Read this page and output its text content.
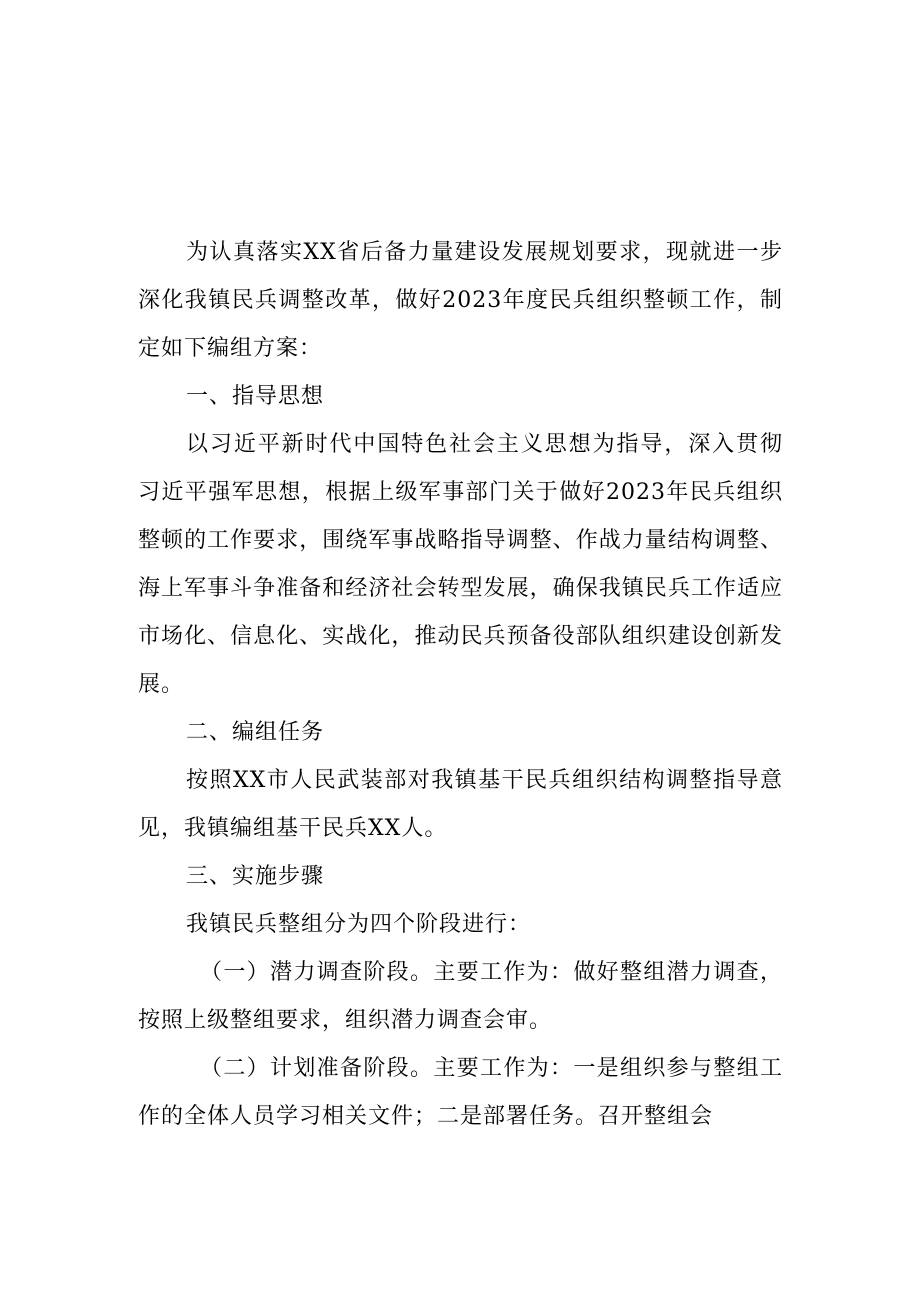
为认真落实XX省后备力量建设发展规划要求，现就进一步深化我镇民兵调整改革，做好2023年度民兵组织整顿工作，制定如下编组方案：

一、指导思想

以习近平新时代中国特色社会主义思想为指导，深入贯彻习近平强军思想，根据上级军事部门关于做好2023年民兵组织整顿的工作要求，围绕军事战略指导调整、作战力量结构调整、海上军事斗争准备和经济社会转型发展，确保我镇民兵工作适应市场化、信息化、实战化，推动民兵预备役部队组织建设创新发展。

二、编组任务

按照XX市人民武装部对我镇基干民兵组织结构调整指导意见，我镇编组基干民兵XX人。

三、实施步骤

我镇民兵整组分为四个阶段进行：

（一）潜力调查阶段。主要工作为：做好整组潜力调查，按照上级整组要求，组织潜力调查会审。

（二）计划准备阶段。主要工作为：一是组织参与整组工作的全体人员学习相关文件；二是部署任务。召开整组会
